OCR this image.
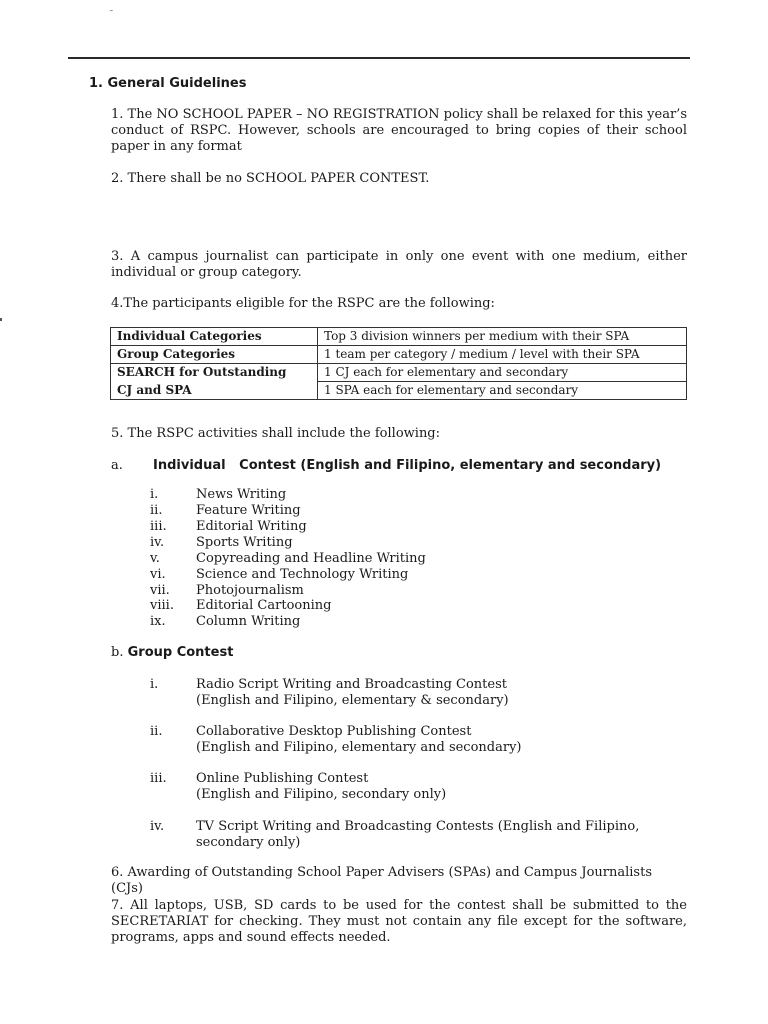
˜
1. General Guidelines
1. The NO SCHOOL PAPER – NO REGISTRATION policy shall be relaxed for this year’s conduct of RSPC. However, schools are encouraged to bring copies of their school paper in any format
2. There shall be no SCHOOL PAPER CONTEST.
3. A campus journalist can participate in only one event with one medium, either individual or group category.
4.The participants eligible for the RSPC are the following:
Individual Categories	Top 3 division winners per medium with their SPA
Group Categories	1 team per category / medium / level with their SPA
SEARCH for Outstanding	1 CJ each for elementary and secondary
CJ and SPA	1 SPA each for elementary and secondary
5. The RSPC activities shall include the following:
a. Individual Contest (English and Filipino, elementary and secondary)
i.	News Writing
ii.	Feature Writing
iii. Editorial Writing
iv. Sports Writing
v.	Copyreading and Headline Writing
vi. Science and Technology Writing
vii. Photojournalism
viii. Editorial Cartooning
ix. Column Writing
b. Group Contest
i.	Radio Script Writing and Broadcasting Contest
(English and Filipino, elementary & secondary)
ii.	Collaborative Desktop Publishing Contest
(English and Filipino, elementary and secondary)
iii. Online Publishing Contest
(English and Filipino, secondary only)
iv. TV Script Writing and Broadcasting Contests (English and Filipino, secondary only)
6. Awarding of Outstanding School Paper Advisers (SPAs) and Campus Journalists (CJs)
7. All laptops, USB, SD cards to be used for the contest shall be submitted to the SECRETARIAT for checking. They must not contain any file except for the software, programs, apps and sound effects needed.
